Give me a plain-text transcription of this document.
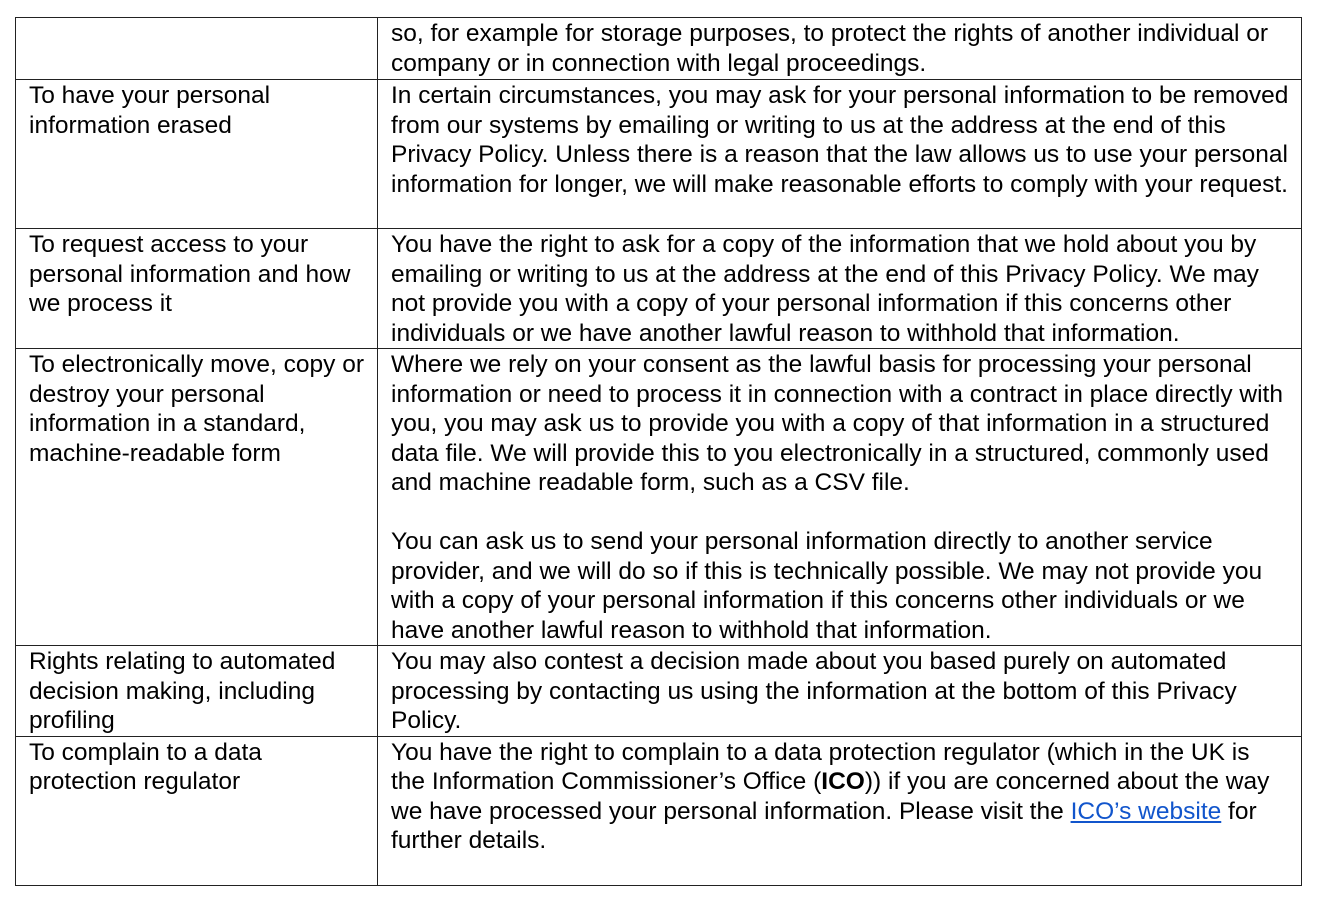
	so, for example for storage purposes, to protect the rights of another individual or company or in connection with legal proceedings.

To have your personal information erased	In certain circumstances, you may ask for your personal information to be removed from our systems by emailing or writing to us at the address at the end of this Privacy Policy. Unless there is a reason that the law allows us to use your personal information for longer, we will make reasonable efforts to comply with your request.

To request access to your personal information and how we process it	You have the right to ask for a copy of the information that we hold about you by emailing or writing to us at the address at the end of this Privacy Policy. We may not provide you with a copy of your personal information if this concerns other individuals or we have another lawful reason to withhold that information.

To electronically move, copy or destroy your personal information in a standard, machine-readable form	Where we rely on your consent as the lawful basis for processing your personal information or need to process it in connection with a contract in place directly with you, you may ask us to provide you with a copy of that information in a structured data file. We will provide this to you electronically in a structured, commonly used and machine readable form, such as a CSV file.
You can ask us to send your personal information directly to another service provider, and we will do so if this is technically possible. We may not provide you with a copy of your personal information if this concerns other individuals or we have another lawful reason to withhold that information.

Rights relating to automated decision making, including profiling	You may also contest a decision made about you based purely on automated processing by contacting us using the information at the bottom of this Privacy Policy.

To complain to a data protection regulator	You have the right to complain to a data protection regulator (which in the UK is the Information Commissioner’s Office (ICO)) if you are concerned about the way we have processed your personal information. Please visit the ICO’s website for further details.
